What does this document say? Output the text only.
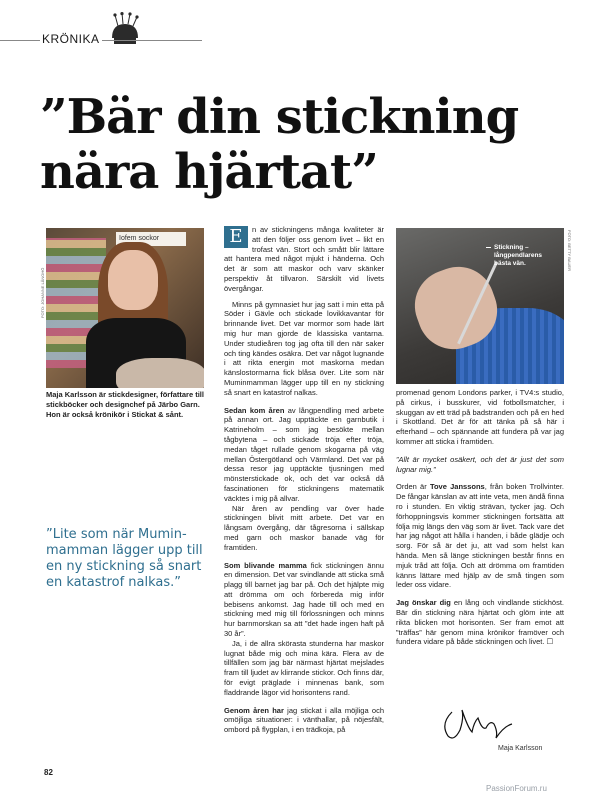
KRÖNIKA
”Bär din stickning
nära hjärtat”
FOTO: JOHANNE LÅNOHÖ
Iofem sockor

Maja Karlsson är stickdesigner, författare till stickböcker och designchef på Järbo Garn. Hon är också krönikör i Stickat & sånt.

”Lite som när Mumin-mamman lägger upp till en ny stickning så snart en katastrof nalkas.”

E	n av stickningens många kvaliteter är att den följer oss genom livet – likt en trofast vän. Stort och smått blir lättare att hantera med något mjukt i händerna. Och det är som att maskor och varv skänker perspektiv åt tillvaron. Särskilt vid livets övergångar.

Minns på gymnasiet hur jag satt i min etta på Söder i Gävle och stickade lovikkavantar för brinnande livet. Det var mormor som hade lärt mig hur man gjorde de klassiska vantarna. Under studieåren tog jag ofta till den när saker och ting kändes osäkra. Det var något lugnande i att rikta energin mot maskorna medan känslostormarna fick blåsa över. Lite som när Muminmamman lägger upp till en ny stickning så snart en katastrof nalkas.

Sedan kom åren av långpendling med arbete på annan ort. Jag upptäckte en garnbutik i Katrineholm – som jag besökte mellan tågbytena – och stickade tröja efter tröja, medan tåget rullade genom skogarna på väg mellan Östergötland och Värmland. Det var på dessa resor jag upptäckte tjusningen med mönsterstickade ok, och det var också då fascinationen för stickningens matematik väcktes i mig på allvar.

När åren av pendling var över hade stickningen blivit mitt arbete. Det var en långsam övergång, där tågresorna i sällskap med garn och maskor banade väg för framtiden.

Som blivande mamma fick stickningen ännu en dimension. Det var svindlande att sticka små plagg till barnet jag bar på. Och det hjälpte mig att drömma om och förbereda mig inför bebisens ankomst. Jag hade till och med en stickning med mig till förlossningen och minns hur barnmorskan sa att ”det hade ingen haft på 30 år”.

Ja, i de allra skörasta stunderna har maskor lugnat både mig och mina kära. Flera av de tillfällen som jag bär närmast hjärtat mejslades fram till ljudet av klirrande stickor. Och finns där, för evigt präglade i minnenas bank, som fladdrande lägor vid horisontens rand.

Genom åren har jag stickat i alla möjliga och omöjliga situationer: i vänthallar, på nöjesfält, ombord på flygplan, i en trädkoja, på

Stickning – långpendlarens bästa vän.	FOTO: BETTY BAUER

promenad genom Londons parker, i TV4:s studio, på cirkus, i busskurer, vid fotbollsmatcher, i skuggan av ett träd på badstranden och på en hed i Skottland. Det är för att tänka på så här i efterhand – och spännande att fundera på var jag kommer att sticka i framtiden.

”Allt är mycket osäkert, och det är just det som lugnar mig.”

Orden är Tove Janssons, från boken Trollvinter. De fångar känslan av att inte veta, men ändå finna ro i stunden. En viktig strävan, tycker jag. Och förhoppningsvis kommer stickningen fortsätta att följa mig längs den väg som är livet. Tack vare det har jag något att hålla i handen, i både glädje och sorg. För så är det ju, att vad som helst kan hända. Men så länge stickningen består finns en mjuk tråd att följa. Och att drömma om framtiden känns lättare med hjälp av de små tingen som leder oss vidare.

Jag önskar dig en lång och vindlande stickhöst. Bär din stickning nära hjärtat och glöm inte att rikta blicken mot horisonten. Ser fram emot att ”träffas” här genom mina krönikor framöver och fundera vidare på både stickningen och livet. ☐

Maja Karlsson
82
PassionForum.ru
